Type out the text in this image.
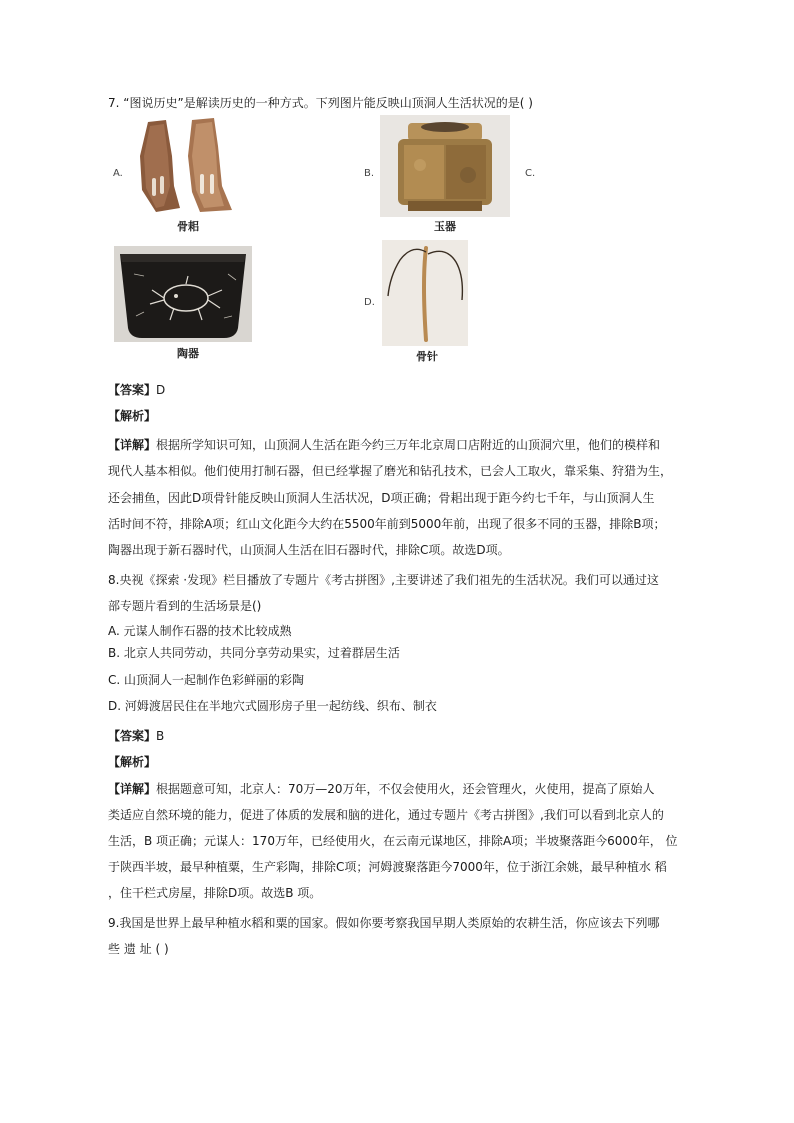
7. “图说历史”是解读历史的一种方式。下列图片能反映山顶洞人生活状况的是( )
A.
骨耜
B.
玉器
C.
陶器
D.
骨针
【答案】D
【解析】
【详解】根据所学知识可知，山顶洞人生活在距今约三万年北京周口店附近的山顶洞穴里，他们的模样和
现代人基本相似。他们使用打制石器，但已经掌握了磨光和钻孔技术，已会人工取火，靠采集、狩猎为生，
还会捕鱼，因此D项骨针能反映山顶洞人生活状况，D项正确；骨耜出现于距今约七千年，与山顶洞人生
活时间不符，排除A项；红山文化距今大约在5500年前到5000年前，出现了很多不同的玉器，排除B项；
陶器出现于新石器时代，山顶洞人生活在旧石器时代，排除C项。故选D项。
8.央视《探索 ·发现》栏目播放了专题片《考古拼图》,主要讲述了我们祖先的生活状况。我们可以通过这
部专题片看到的生活场景是()
A. 元谋人制作石器的技术比较成熟
B. 北京人共同劳动，共同分享劳动果实，过着群居生活
C. 山顶洞人一起制作色彩鲜丽的彩陶
D. 河姆渡居民住在半地穴式圆形房子里一起纺线、织布、制衣
【答案】B
【解析】
【详解】根据题意可知，北京人：70万—20万年，不仅会使用火，还会管理火，火使用，提高了原始人
类适应自然环境的能力，促进了体质的发展和脑的进化，通过专题片《考古拼图》,我们可以看到北京人的
生活，B 项正确；元谋人：170万年，已经使用火，在云南元谋地区，排除A项；半坡聚落距今6000年， 位
于陕西半坡，最早种植粟，生产彩陶，排除C项；河姆渡聚落距今7000年，位于浙江余姚，最早种植水 稻
，住干栏式房屋，排除D项。故选B 项。
9.我国是世界上最早种植水稻和粟的国家。假如你要考察我国早期人类原始的农耕生活，你应该去下列哪
些 遗 址 ( )
